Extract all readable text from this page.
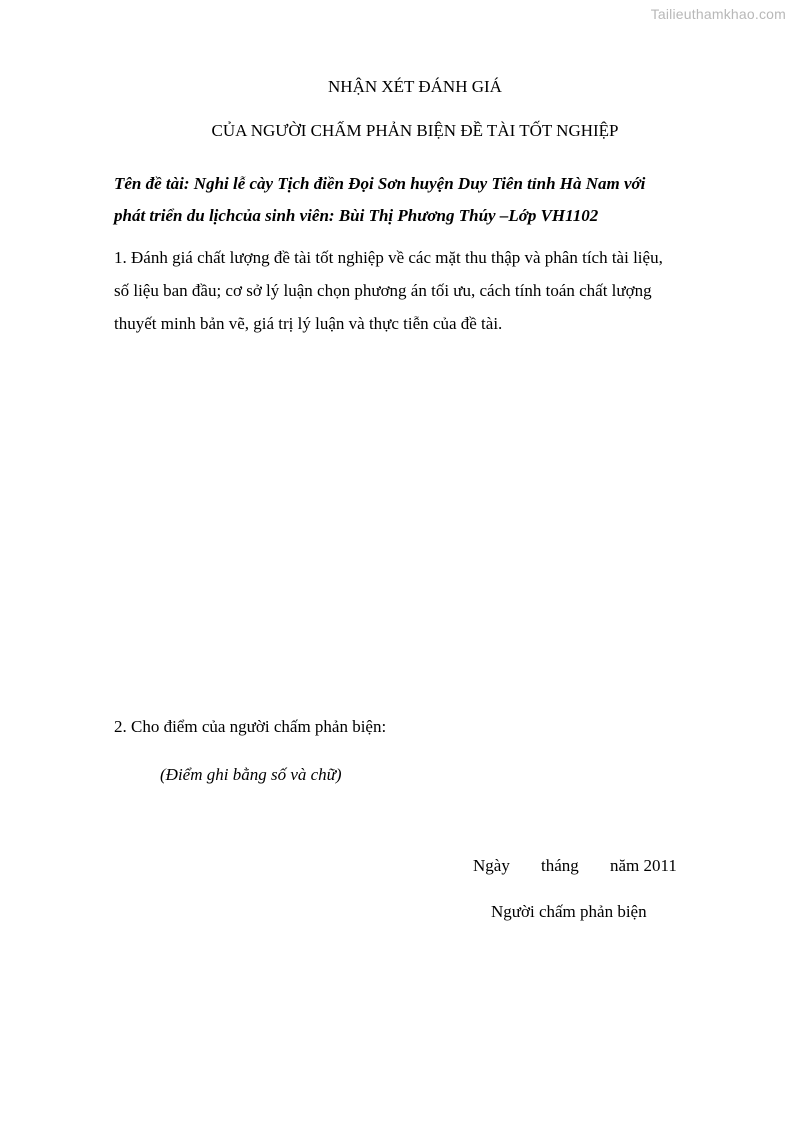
Tailieuthamkhao.com
NHẬN XÉT ĐÁNH GIÁ
CỦA NGƯỜI CHẤM PHẢN BIỆN ĐỀ TÀI TỐT NGHIỆP
Tên đề tài: Nghi lễ cày Tịch điền Đọi Sơn huyện Duy Tiên tỉnh Hà Nam với
phát triển du lịchcủa sinh viên: Bùi Thị Phương Thúy –Lớp VH1102
1. Đánh giá chất lượng đề tài tốt nghiệp về các mặt thu thập và phân tích tài liệu,
số liệu ban đầu; cơ sở lý luận chọn phương án tối ưu, cách tính toán chất lượng
thuyết minh bản vẽ, giá trị lý luận và thực tiễn của đề tài.
2. Cho điểm của người chấm phản biện:
(Điểm ghi bằng số và chữ)
Ngày tháng năm 2011
Người chấm phản biện
